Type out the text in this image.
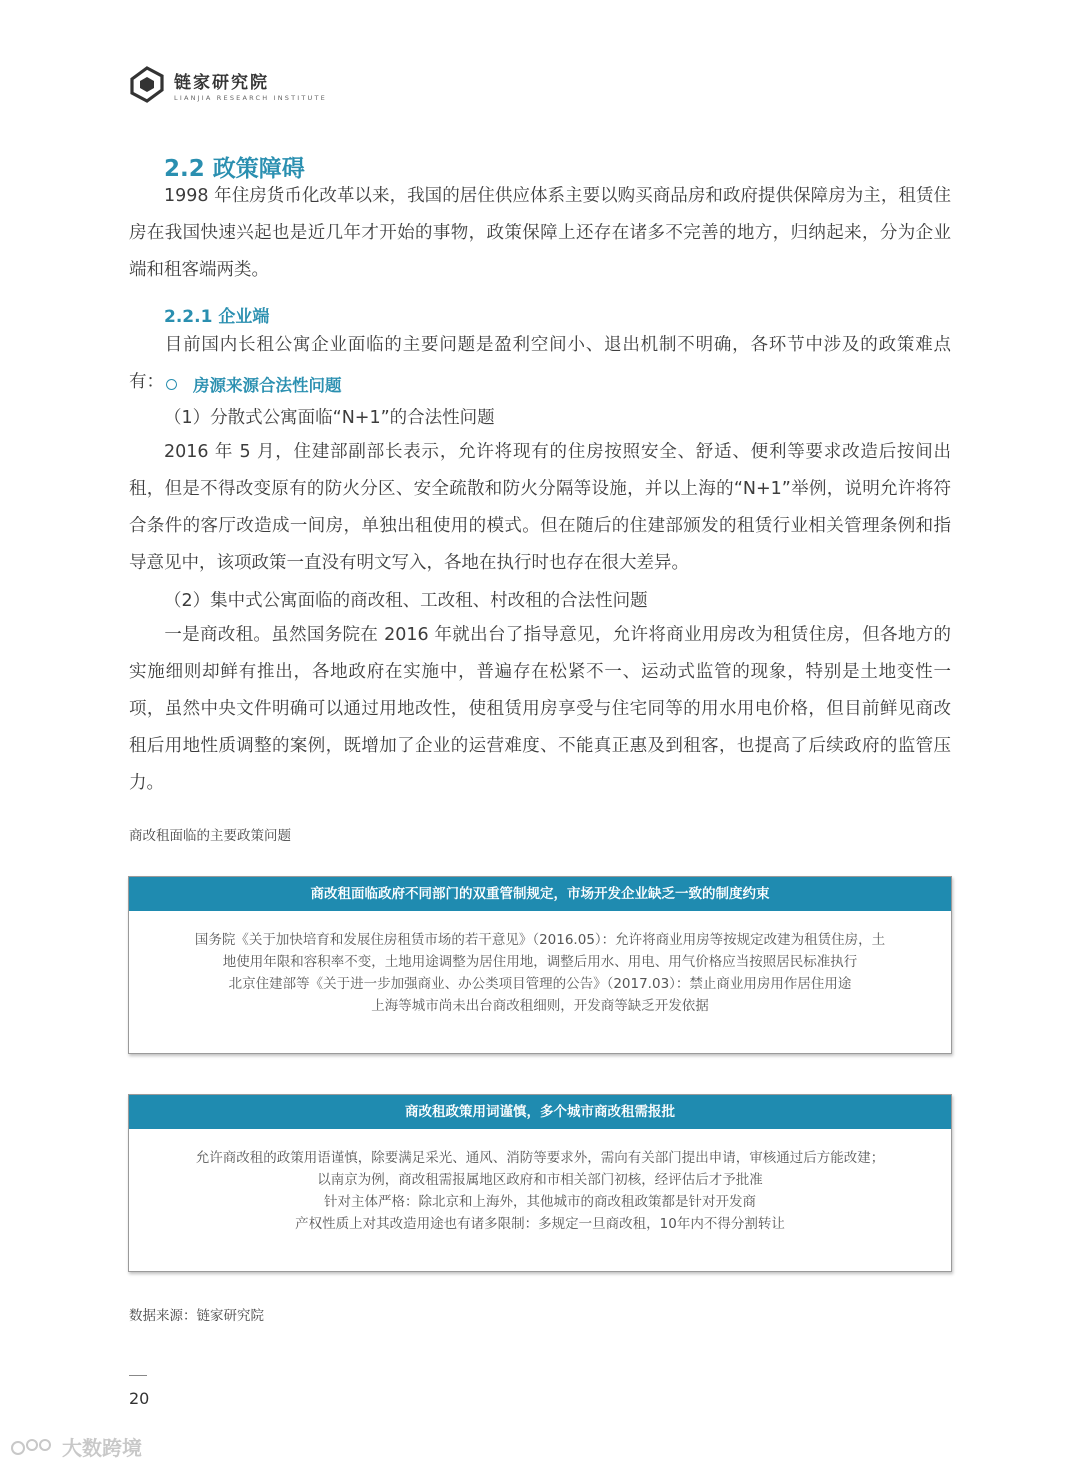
链家研究院
LIANJIA RESEARCH INSTITUTE
2.2 政策障碍
1998 年住房货币化改革以来，我国的居住供应体系主要以购买商品房和政府提供保障房为主，租赁住房在我国快速兴起也是近几年才开始的事物，政策保障上还存在诸多不完善的地方，归纳起来，分为企业端和租客端两类。
2.2.1 企业端
目前国内长租公寓企业面临的主要问题是盈利空间小、退出机制不明确，各环节中涉及的政策难点有：	房源来源合法性问题
（1）分散式公寓面临“N+1”的合法性问题
2016 年 5 月，住建部副部长表示，允许将现有的住房按照安全、舒适、便利等要求改造后按间出租，但是不得改变原有的防火分区、安全疏散和防火分隔等设施，并以上海的“N+1”举例，说明允许将符合条件的客厅改造成一间房，单独出租使用的模式。但在随后的住建部颁发的租赁行业相关管理条例和指导意见中，该项政策一直没有明文写入，各地在执行时也存在很大差异。
（2）集中式公寓面临的商改租、工改租、村改租的合法性问题
一是商改租。虽然国务院在 2016 年就出台了指导意见，允许将商业用房改为租赁住房，但各地方的实施细则却鲜有推出，各地政府在实施中，普遍存在松紧不一、运动式监管的现象，特别是土地变性一项，虽然中央文件明确可以通过用地改性，使租赁用房享受与住宅同等的用水用电价格，但目前鲜见商改租后用地性质调整的案例，既增加了企业的运营难度、不能真正惠及到租客，也提高了后续政府的监管压力。
商改租面临的主要政策问题
商改租面临政府不同部门的双重管制规定，市场开发企业缺乏一致的制度约束
国务院《关于加快培育和发展住房租赁市场的若干意见》（2016.05）：允许将商业用房等按规定改建为租赁住房，土
地使用年限和容积率不变，土地用途调整为居住用地，调整后用水、用电、用气价格应当按照居民标准执行
北京住建部等《关于进一步加强商业、办公类项目管理的公告》（2017.03）：禁止商业用房用作居住用途
上海等城市尚未出台商改租细则，开发商等缺乏开发依据
商改租政策用词谨慎，多个城市商改租需报批
允许商改租的政策用语谨慎，除要满足采光、通风、消防等要求外，需向有关部门提出申请，审核通过后方能改建；
以南京为例，商改租需报属地区政府和市相关部门初核，经评估后才予批准
针对主体严格：除北京和上海外，其他城市的商改租政策都是针对开发商
产权性质上对其改造用途也有诸多限制：多规定一旦商改租，10年内不得分割转让
数据来源：链家研究院
20
大数跨境
